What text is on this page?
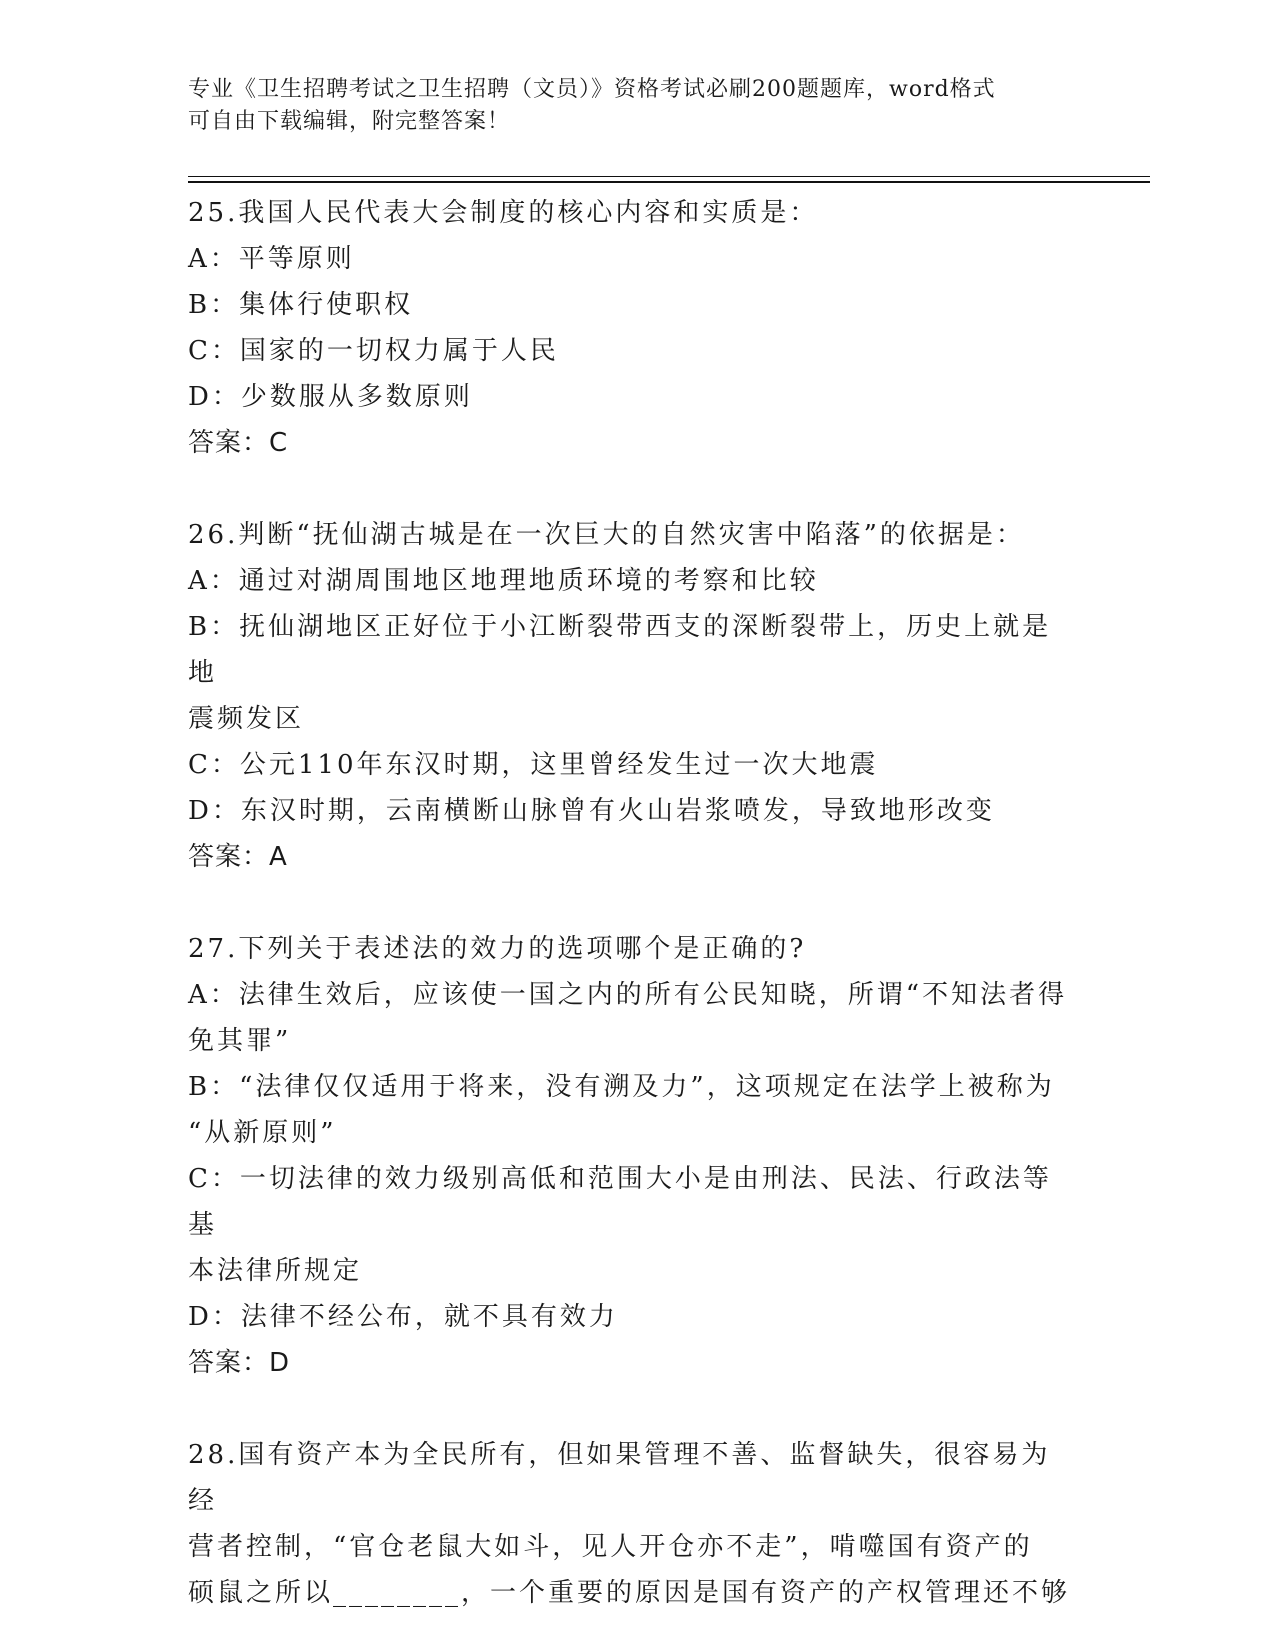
专业《卫生招聘考试之卫生招聘（文员）》资格考试必刷200题题库，word格式
可自由下载编辑，附完整答案！
25.我国人民代表大会制度的核心内容和实质是：
A：平等原则
B：集体行使职权
C：国家的一切权力属于人民
D：少数服从多数原则
答案：C
26.判断“抚仙湖古城是在一次巨大的自然灾害中陷落”的依据是：
A：通过对湖周围地区地理地质环境的考察和比较
B：抚仙湖地区正好位于小江断裂带西支的深断裂带上，历史上就是地
震频发区
C：公元110年东汉时期，这里曾经发生过一次大地震
D：东汉时期，云南横断山脉曾有火山岩浆喷发，导致地形改变
答案：A
27.下列关于表述法的效力的选项哪个是正确的?
A：法律生效后，应该使一国之内的所有公民知晓，所谓“不知法者得
免其罪”
B：“法律仅仅适用于将来，没有溯及力”，这项规定在法学上被称为
“从新原则”
C：一切法律的效力级别高低和范围大小是由刑法、民法、行政法等基
本法律所规定
D：法律不经公布，就不具有效力
答案：D
28.国有资产本为全民所有，但如果管理不善、监督缺失，很容易为经
营者控制，“官仓老鼠大如斗，见人开仓亦不走”，啃噬国有资产的
硕鼠之所以________，一个重要的原因是国有资产的产权管理还不够
